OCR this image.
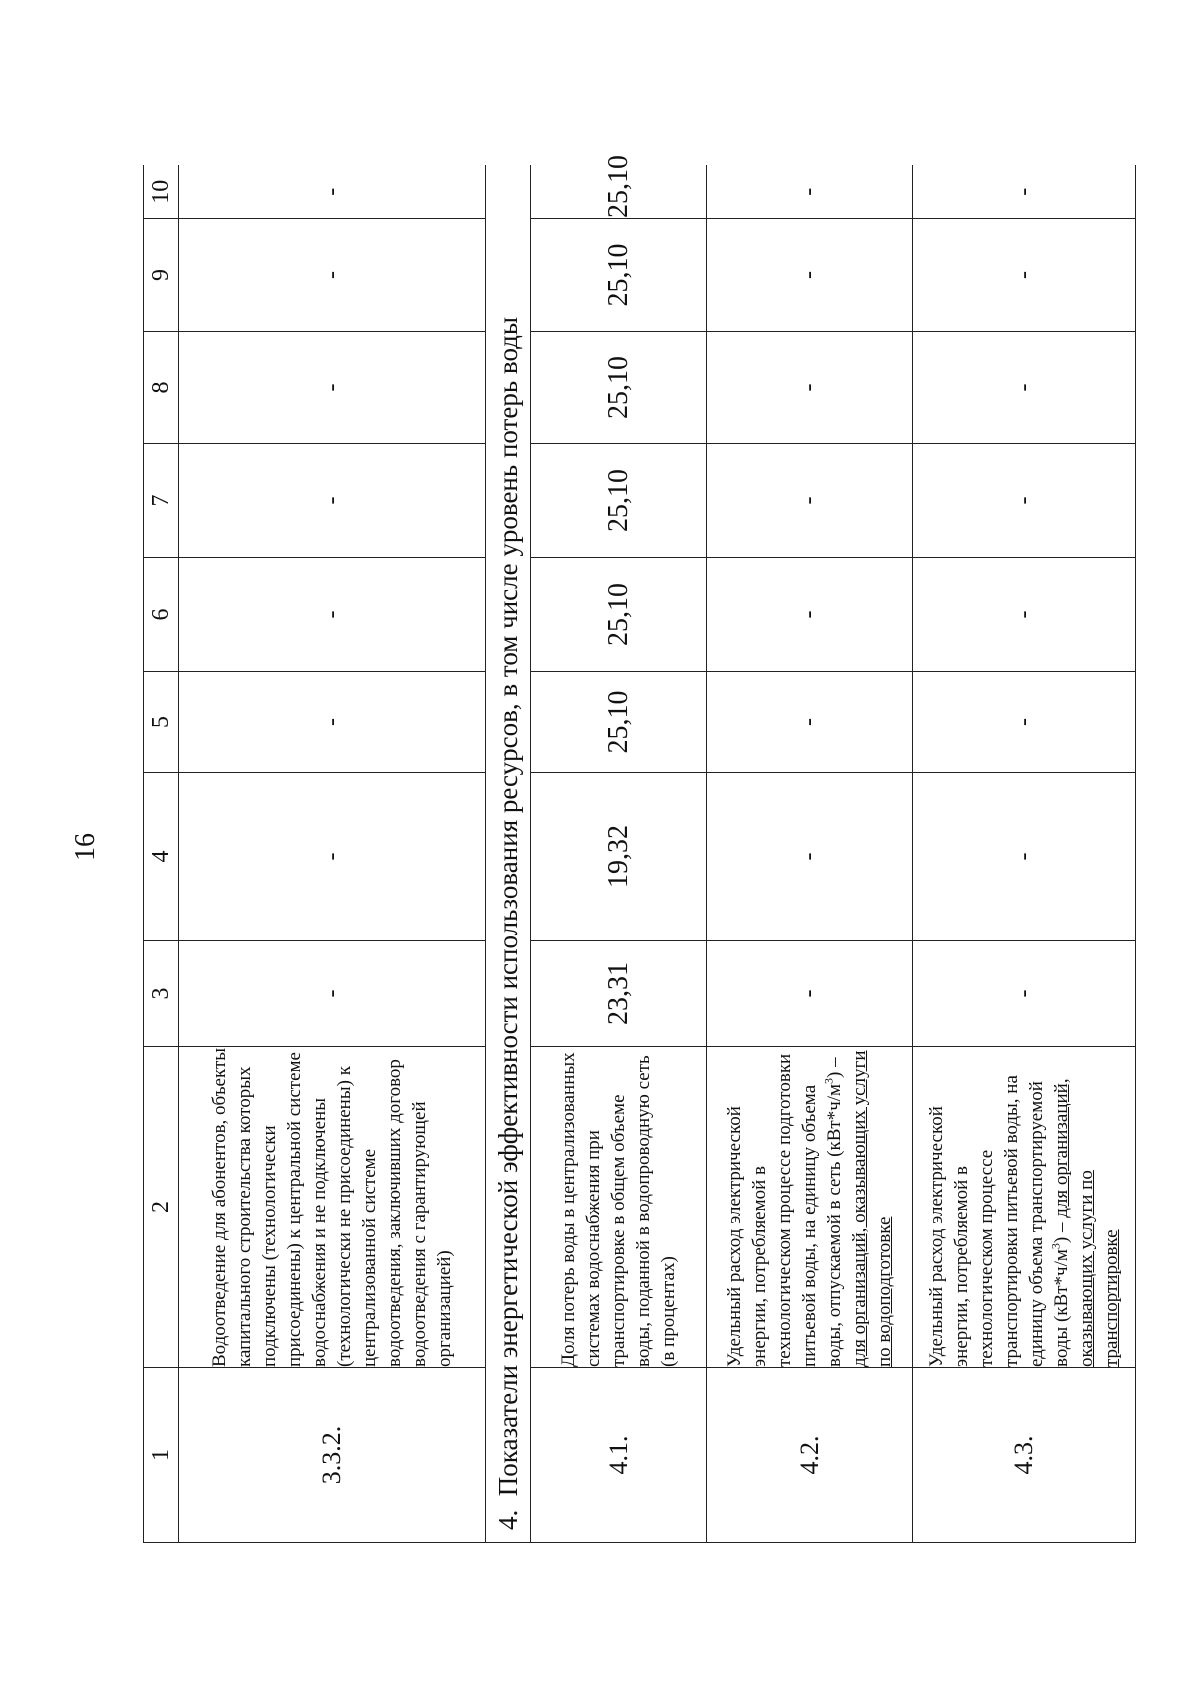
16
1	2	3	4	5	6	7	8	9	10
3.3.2.	Водоотведение для абонентов, объекты капитального строительства которых подключены (технологически присоединены) к центральной системе водоснабжения и не подключены (технологически не присоединены) к централизованной системе водоотведения, заключивших договор водоотведения с гарантирующей организацией)	-	-	-	-	-	-	-	-
4.  Показатели энергетической эффективности использования ресурсов, в том числе уровень потерь воды									
4.1.	Доля потерь воды в централизованных системах водоснабжения при транспортировке в общем объеме воды, поданной в водопроводную сеть (в процентах)	23,31	19,32	25,10	25,10	25,10	25,10	25,10	25,10
4.2.	Удельный расход электрической энергии, потребляемой в технологическом процессе подготовки питьевой воды, на единицу объема воды, отпускаемой в сеть $(кВт*ч/м^3)$ – для организаций, оказывающих услуги по водоподготовке	-	-	-	-	-	-	-	-
4.3.	Удельный расход электрической энергии, потребляемой в технологическом процессе транспортировки питьевой воды, на единицу объема транспортируемой воды $(кВт*ч/м^3)$ – для организаций, оказывающих услуги по транспортировке	-	-	-	-	-	-	-	-
